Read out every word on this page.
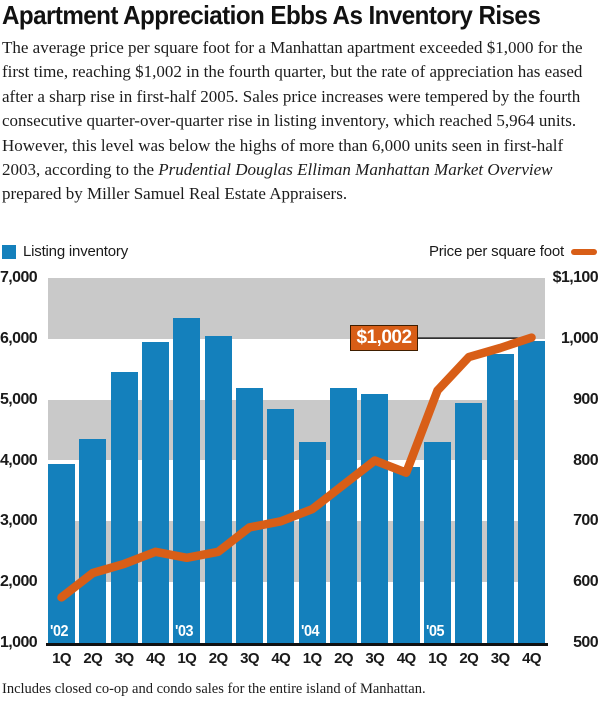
Apartment Appreciation Ebbs As Inventory Rises
The average price per square foot for a Manhattan apartment exceeded $1,000 for the first time, reaching $1,002 in the fourth quarter, but the rate of appreciation has eased after a sharp rise in first-half 2005. Sales price increases were tempered by the fourth consecutive quarter-over-quarter rise in listing inventory, which reached 5,964 units. However, this level was below the highs of more than 6,000 units seen in first-half 2003, according to the Prudential Douglas Elliman Manhattan Market Overview prepared by Miller Samuel Real Estate Appraisers.
Listing inventory	Price per square foot
7,000
6,000
5,000
4,000
3,000
2,000
1,000
$1,100
1,000
900
800
700
600
500
'02	'03	'04	'05
$1,002
1Q 2Q 3Q 4Q 1Q 2Q 3Q 4Q 1Q 2Q 3Q 4Q 1Q 2Q 3Q 4Q
Includes closed co-op and condo sales for the entire island of Manhattan.
